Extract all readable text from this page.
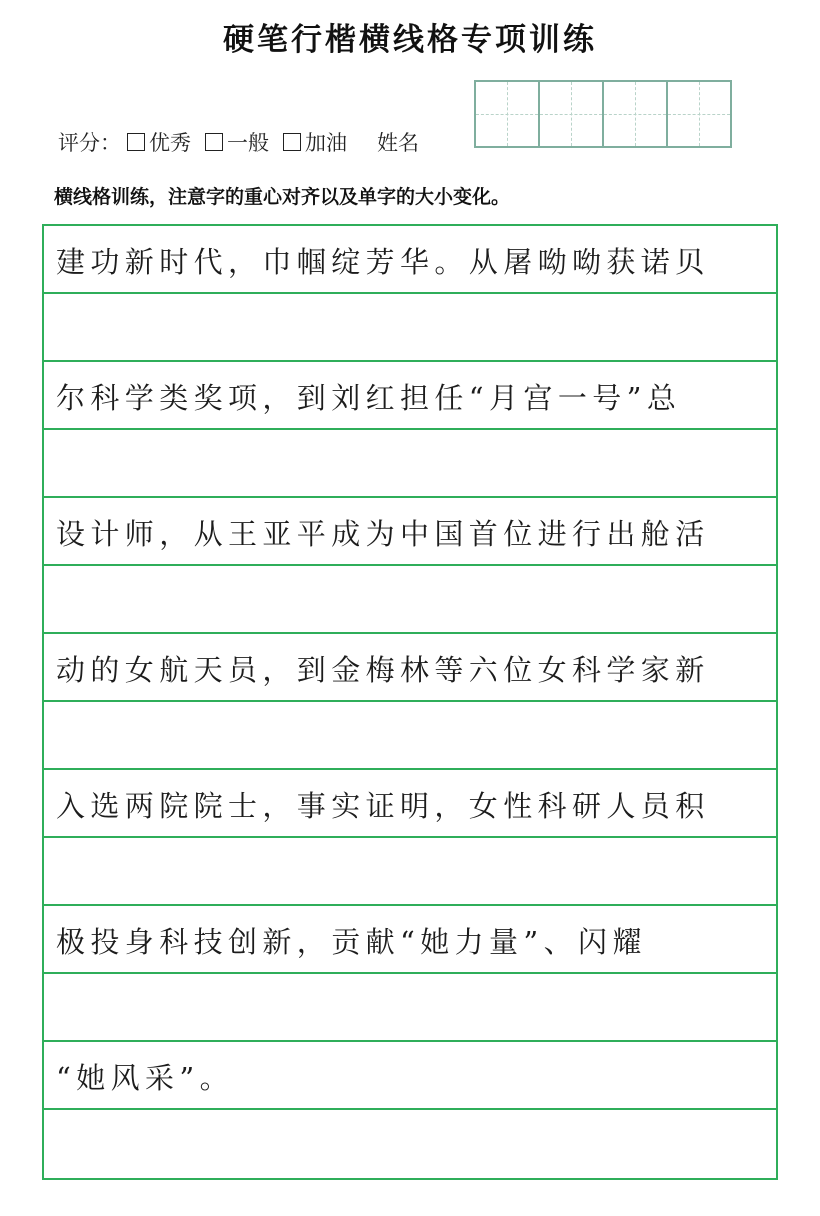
硬笔行楷横线格专项训练
评分： 优秀 一般 加油 姓名
横线格训练，注意字的重心对齐以及单字的大小变化。
建功新时代，巾帼绽芳华。从屠呦呦获诺贝
尔科学类奖项，到刘红担任“月宫一号”总
设计师，从王亚平成为中国首位进行出舱活
动的女航天员，到金梅林等六位女科学家新
入选两院院士，事实证明，女性科研人员积
极投身科技创新，贡献“她力量”、闪耀
“她风采”。
